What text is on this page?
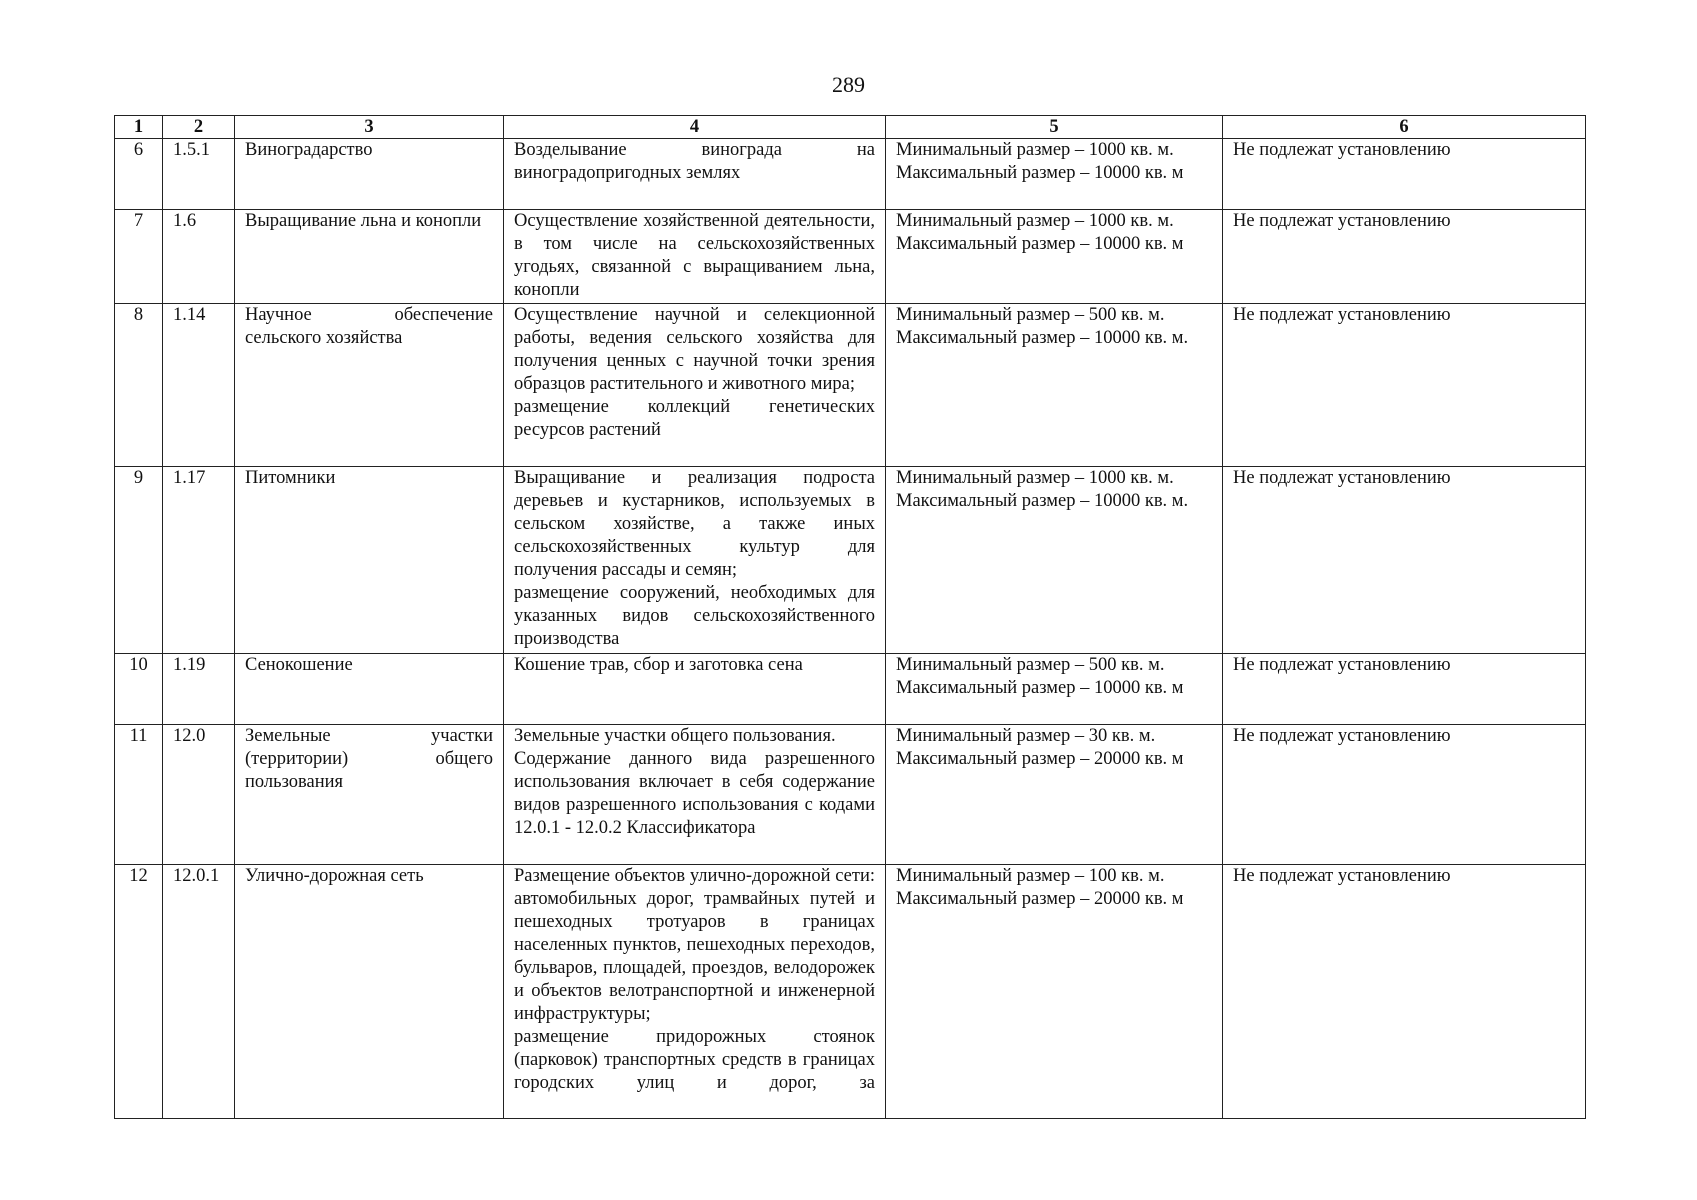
289
1	2	3	4	5	6
6	1.5.1	Виноградарство	Возделывание винограда на виноградопригодных землях	Минимальный размер – 1000 кв. м.
Максимальный размер – 10000 кв. м	Не подлежат установлению
7	1.6	Выращивание льна и конопли	Осуществление хозяйственной деятельности, в том числе на сельскохозяйственных угодьях, связанной с выращиванием льна, конопли	Минимальный размер – 1000 кв. м.
Максимальный размер – 10000 кв. м	Не подлежат установлению
8	1.14	Научное обеспечение сельского хозяйства	Осуществление научной и селекционной работы, ведения сельского хозяйства для получения ценных с научной точки зрения образцов растительного и животного мира;
размещение коллекций генетических ресурсов растений	Минимальный размер – 500 кв. м.
Максимальный размер – 10000 кв. м.	Не подлежат установлению
9	1.17	Питомники	Выращивание и реализация подроста деревьев и кустарников, используемых в сельском хозяйстве, а также иных сельскохозяйственных культур для получения рассады и семян;
размещение сооружений, необходимых для указанных видов сельскохозяйственного производства	Минимальный размер – 1000 кв. м.
Максимальный размер – 10000 кв. м.	Не подлежат установлению
10	1.19	Сенокошение	Кошение трав, сбор и заготовка сена	Минимальный размер – 500 кв. м.
Максимальный размер – 10000 кв. м	Не подлежат установлению
11	12.0	Земельные участки (территории) общего пользования	Земельные участки общего пользования.
Содержание данного вида разрешенного использования включает в себя содержание видов разрешенного использования с кодами 12.0.1 - 12.0.2 Классификатора	Минимальный размер – 30 кв. м.
Максимальный размер – 20000 кв. м	Не подлежат установлению
12	12.0.1	Улично-дорожная сеть	Размещение объектов улично-дорожной сети: автомобильных дорог, трамвайных путей и пешеходных тротуаров в границах населенных пунктов, пешеходных переходов, бульваров, площадей, проездов, велодорожек и объектов велотранспортной и инженерной инфраструктуры;
размещение придорожных стоянок (парковок) транспортных средств в границах городских улиц и дорог, за	Минимальный размер – 100 кв. м.
Максимальный размер – 20000 кв. м	Не подлежат установлению
